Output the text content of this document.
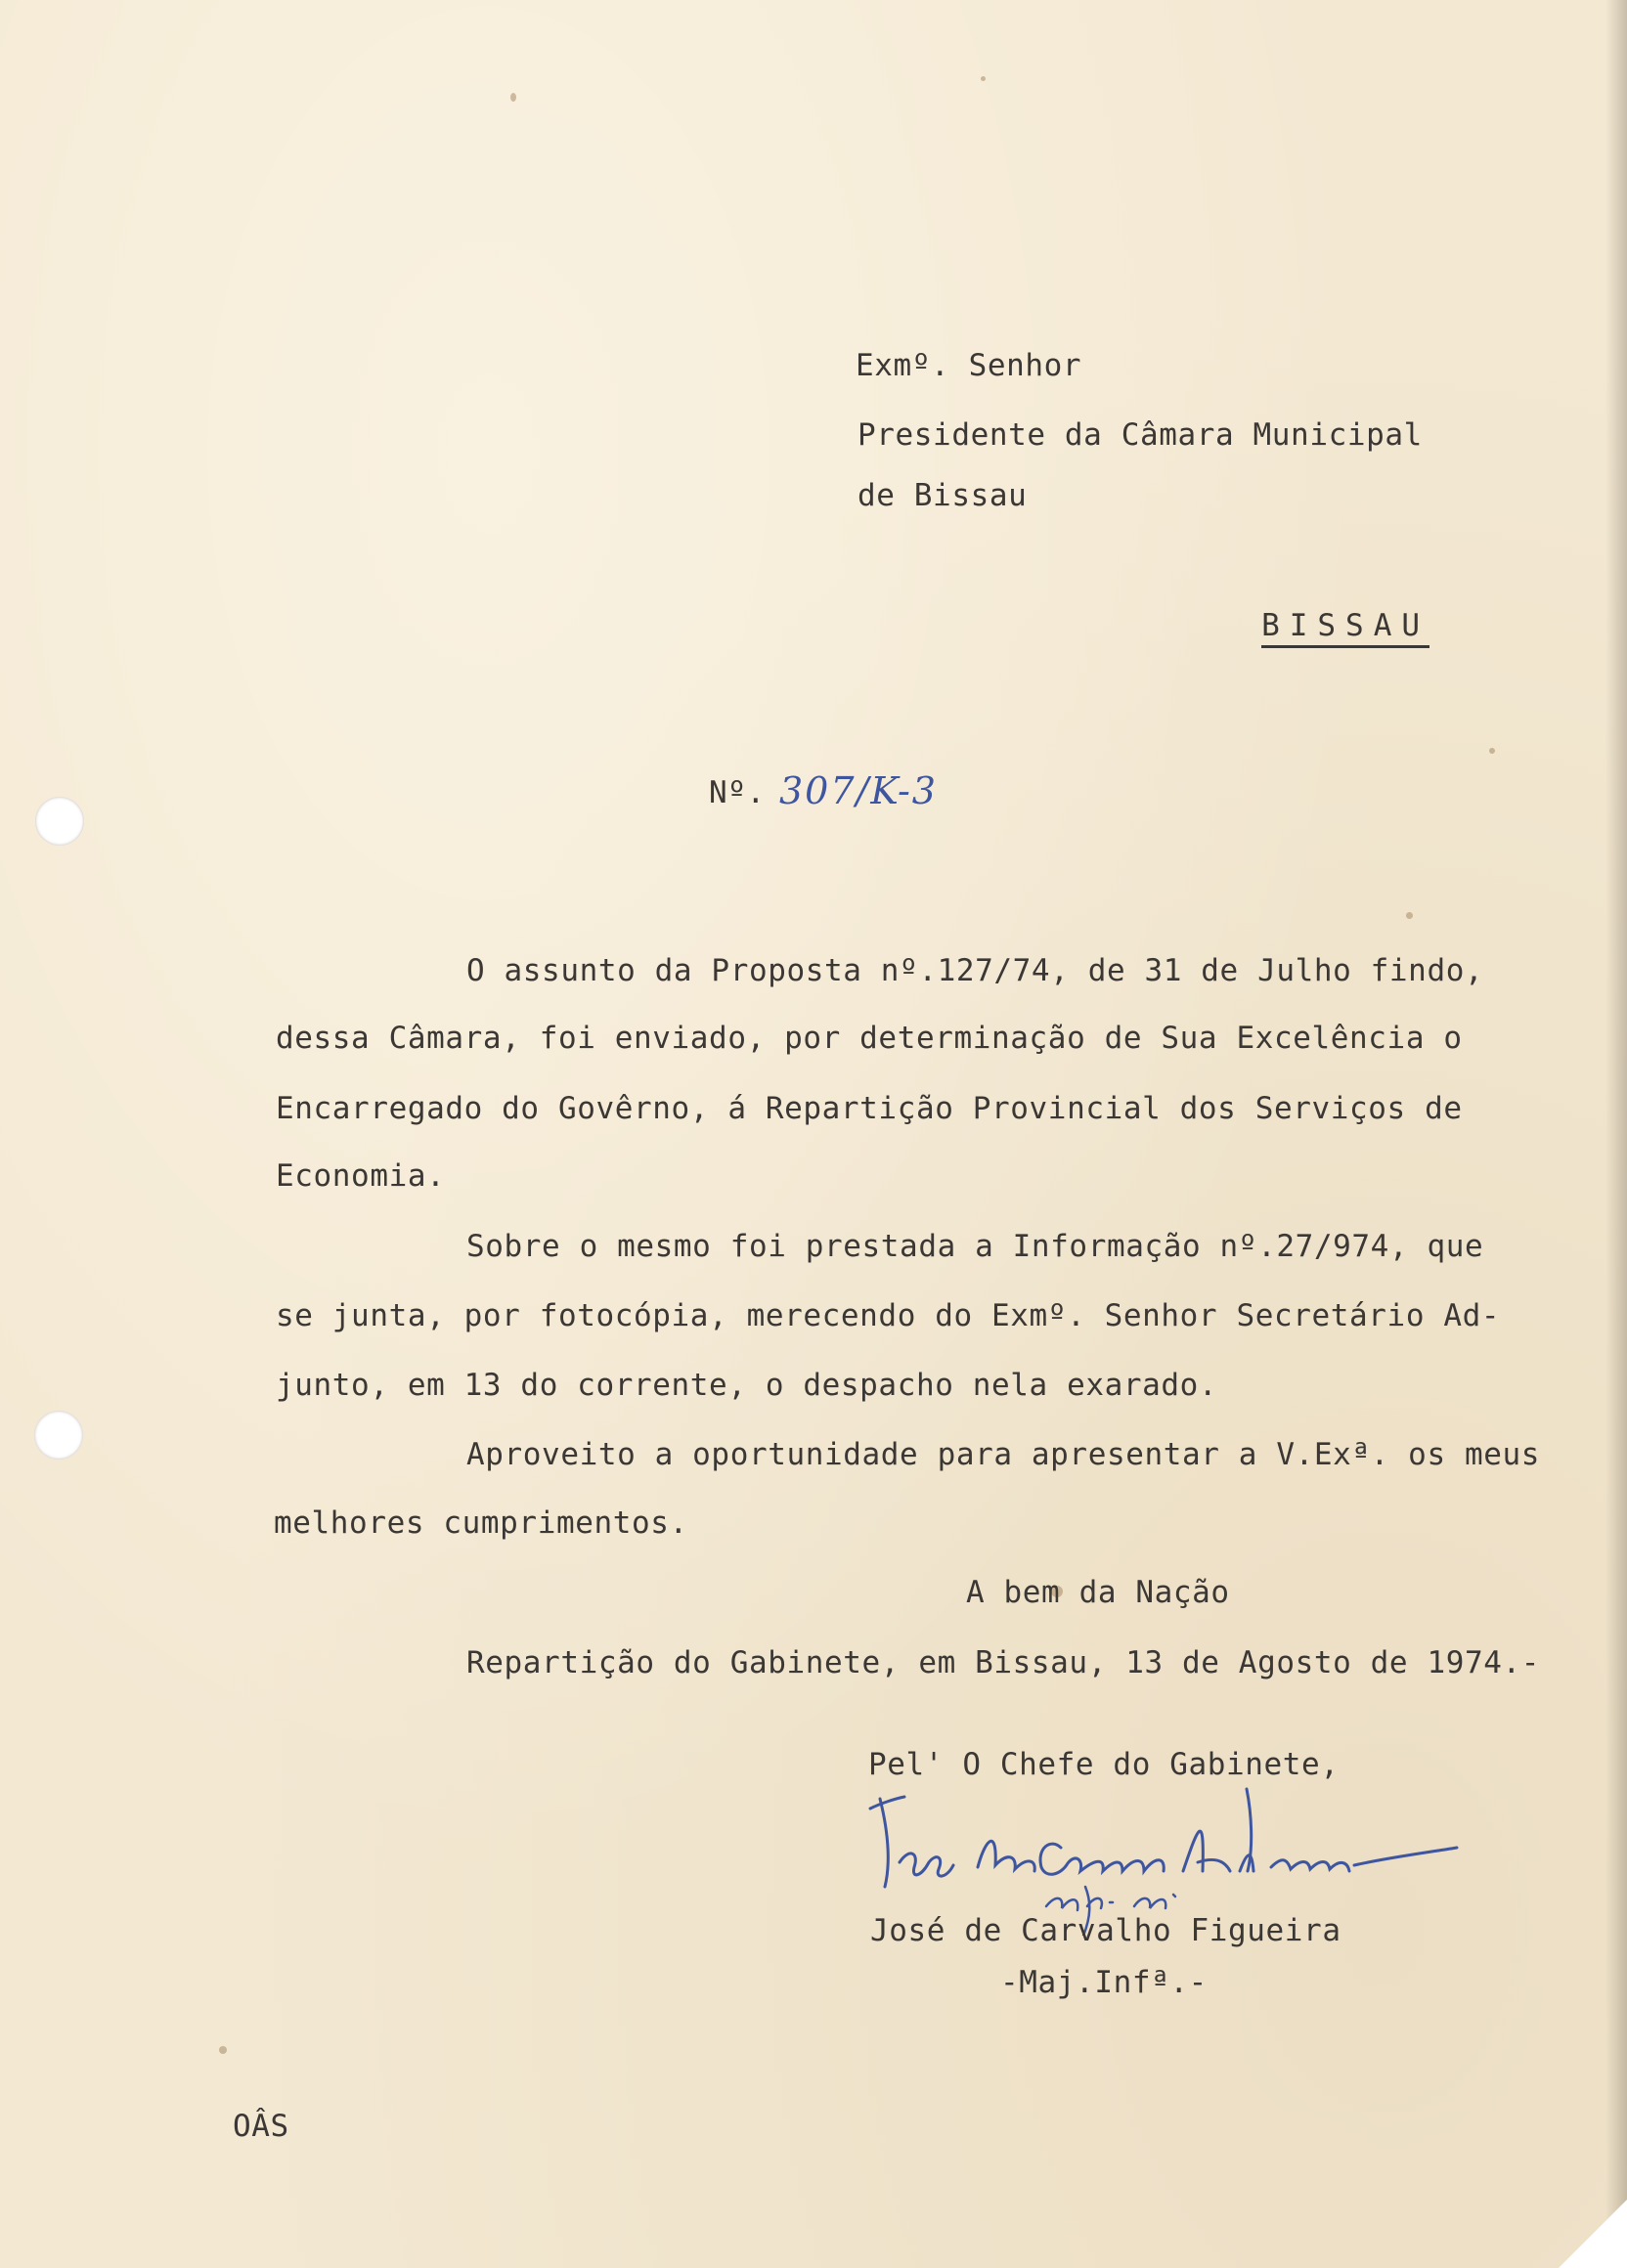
Exmº. Senhor
Presidente da Câmara Municipal
de Bissau

BISSAU

Nº. 307/K-3
O assunto da Proposta nº.127/74, de 31 de Julho findo,
dessa Câmara, foi enviado, por determinação de Sua Excelência o
Encarregado do Govêrno, á Repartição Provincial dos Serviços de
Economia.
Sobre o mesmo foi prestada a Informação nº.27/974, que
se junta, por fotocópia, merecendo do Exmº. Senhor Secretário Ad-
junto, em 13 do corrente, o despacho nela exarado.
Aproveito a oportunidade para apresentar a V.Exª. os meus
melhores cumprimentos.
A bem da Nação
Repartição do Gabinete, em Bissau, 13 de Agosto de 1974.-
Pel' O Chefe do Gabinete,
José de Carvalho Figueira
-Maj.Infª.-
OÂS
